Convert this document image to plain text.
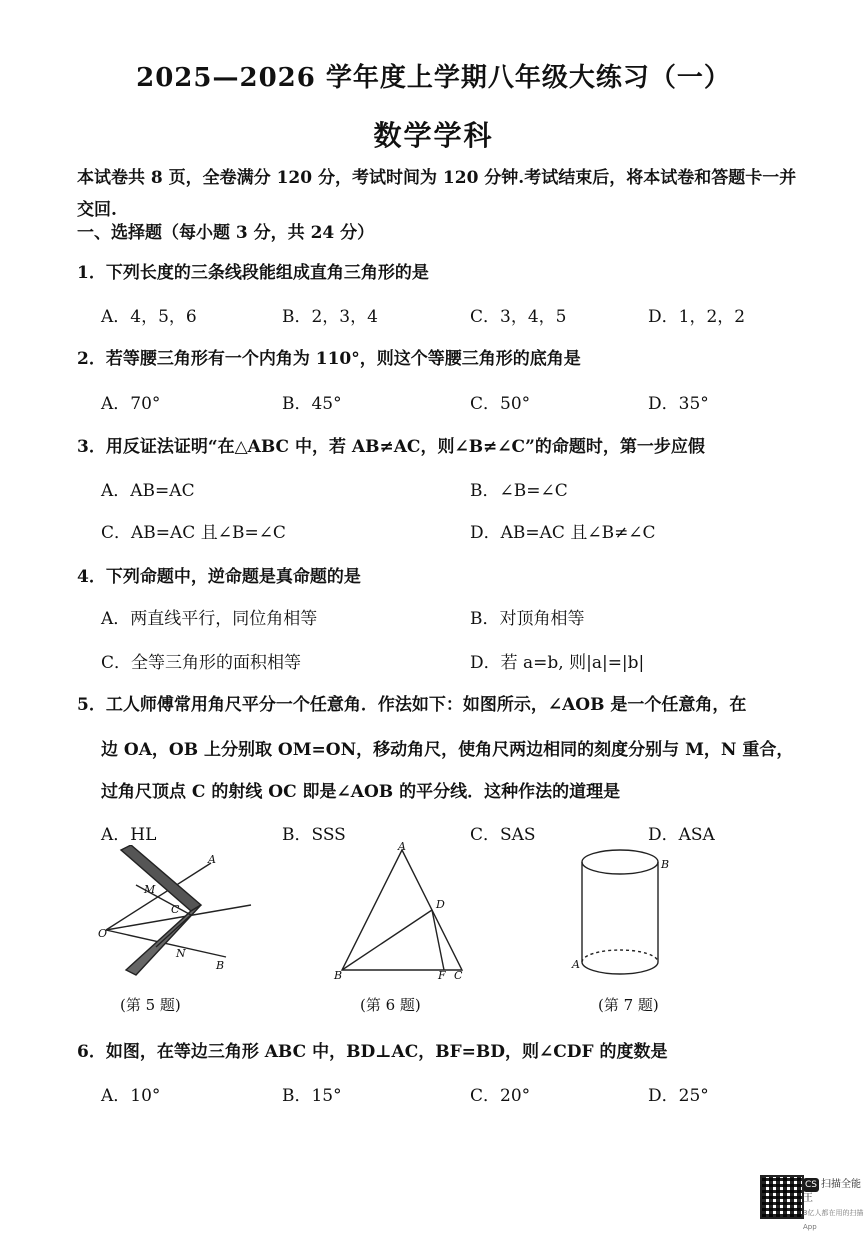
2025—2026 学年度上学期八年级大练习（一）
数学学科
本试卷共 8 页，全卷满分 120 分，考试时间为 120 分钟.考试结束后，将本试卷和答题卡一并交回.
一、选择题（每小题 3 分，共 24 分）
1．下列长度的三条线段能组成直角三角形的是
A．4，5，6	B．2，3，4	C．3，4，5	D．1，2，2
2．若等腰三角形有一个内角为 110°，则这个等腰三角形的底角是
A．70°	B．45°	C．50°	D．35°
3．用反证法证明“在△ABC 中，若 AB≠AC，则∠B≠∠C”的命题时，第一步应假
A．AB=AC	B．∠B=∠C
C．AB=AC 且∠B=∠C	D．AB=AC 且∠B≠∠C
4．下列命题中，逆命题是真命题的是
A．两直线平行，同位角相等	B．对顶角相等
C．全等三角形的面积相等	D．若 a=b, 则|a|=|b|
5．工人师傅常用角尺平分一个任意角．作法如下：如图所示，∠AOB 是一个任意角，在
边 OA，OB 上分别取 OM=ON，移动角尺，使角尺两边相同的刻度分别与 M，N 重合，
过角尺顶点 C 的射线 OC 即是∠AOB 的平分线．这种作法的道理是
A．HL	B．SSS	C．SAS	D．ASA
A
M
C
O
N
B
(第 5 题)
A
D
B	F C
(第 6 题)
B
A
(第 7 题)
6．如图，在等边三角形 ABC 中，BD⊥AC，BF=BD，则∠CDF 的度数是
A．10°	B．15°	C．20°	D．25°
CS 扫描全能王
3亿人都在用的扫描App
